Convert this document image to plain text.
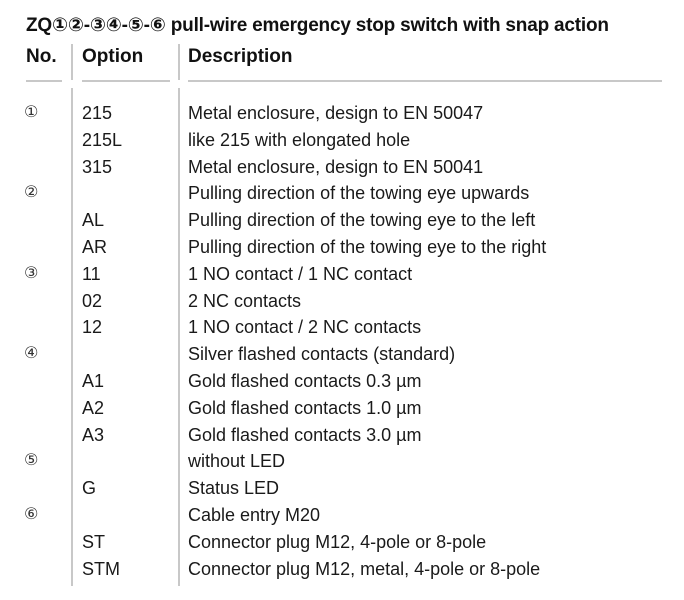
ZQ①②-③④-⑤-⑥ pull-wire emergency stop switch with snap action
No. Option Description
① 215	Metal enclosure, design to EN 50047
215L	like 215 with elongated hole
315	Metal enclosure, design to EN 50041
②	Pulling direction of the towing eye upwards
AL	Pulling direction of the towing eye to the left
AR	Pulling direction of the towing eye to the right
③ 11	1 NO contact / 1 NC contact
02	2 NC contacts
12	1 NO contact / 2 NC contacts
④	Silver flashed contacts (standard)
A1	Gold flashed contacts 0.3 µm
A2	Gold flashed contacts 1.0 µm
A3	Gold flashed contacts 3.0 µm
⑤	without LED
G	Status LED
⑥	Cable entry M20
ST	Connector plug M12, 4-pole or 8-pole
STM	Connector plug M12, metal, 4-pole or 8-pole
